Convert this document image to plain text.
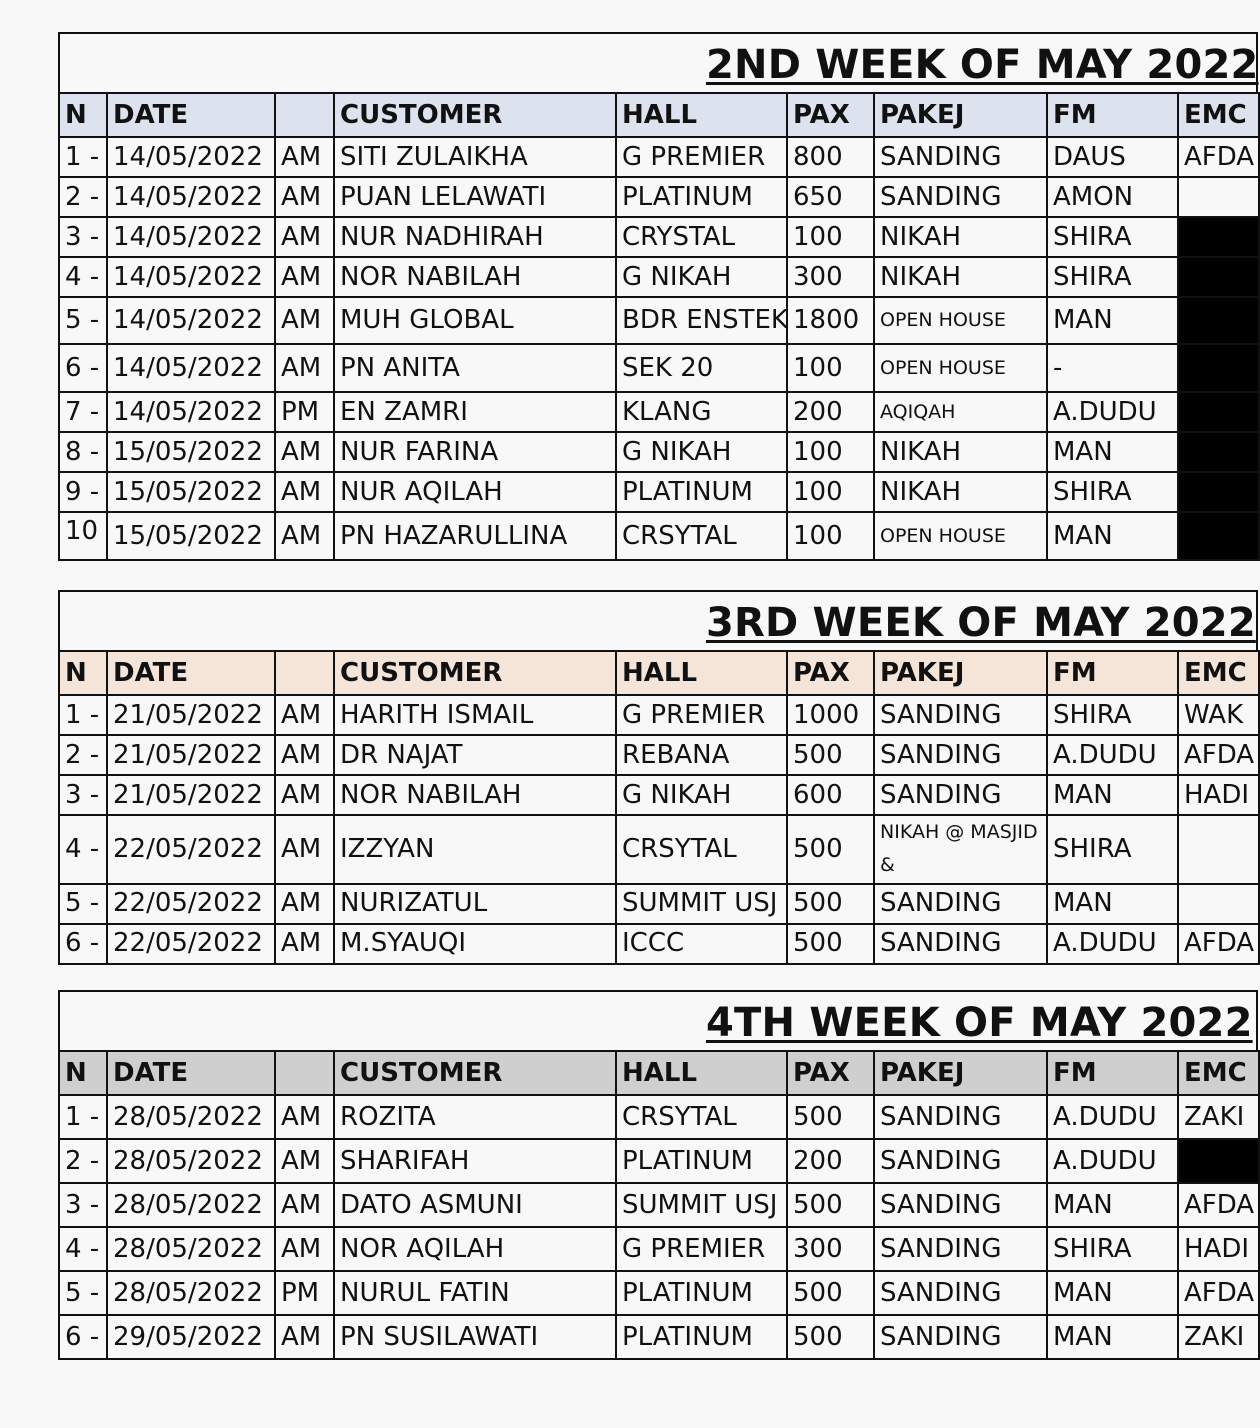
2ND WEEK OF MAY 2022
N	DATE		CUSTOMER	HALL	PAX	PAKEJ	FM	EMC
1 -	14/05/2022	AM	SITI ZULAIKHA	G PREMIER	800	SANDING	DAUS	AFDA
2 -	14/05/2022	AM	PUAN LELAWATI	PLATINUM	650	SANDING	AMON	
3 -	14/05/2022	AM	NUR NADHIRAH	CRYSTAL	100	NIKAH	SHIRA	
4 -	14/05/2022	AM	NOR NABILAH	G NIKAH	300	NIKAH	SHIRA	
5 -	14/05/2022	AM	MUH GLOBAL	BDR ENSTEK	1800	OPEN HOUSE	MAN	
6 -	14/05/2022	AM	PN ANITA	SEK 20	100	OPEN HOUSE	-	
7 -	14/05/2022	PM	EN ZAMRI	KLANG	200	AQIQAH	A.DUDU	
8 -	15/05/2022	AM	NUR FARINA	G NIKAH	100	NIKAH	MAN	
9 -	15/05/2022	AM	NUR AQILAH	PLATINUM	100	NIKAH	SHIRA	
10	15/05/2022	AM	PN HAZARULLINA	CRSYTAL	100	OPEN HOUSE	MAN	
3RD WEEK OF MAY 2022
N	DATE		CUSTOMER	HALL	PAX	PAKEJ	FM	EMC
1 -	21/05/2022	AM	HARITH ISMAIL	G PREMIER	1000	SANDING	SHIRA	WAK
2 -	21/05/2022	AM	DR NAJAT	REBANA	500	SANDING	A.DUDU	AFDA
3 -	21/05/2022	AM	NOR NABILAH	G NIKAH	600	SANDING	MAN	HADI
4 -	22/05/2022	AM	IZZYAN	CRSYTAL	500	NIKAH @ MASJID &	SHIRA	
5 -	22/05/2022	AM	NURIZATUL	SUMMIT USJ	500	SANDING	MAN	
6 -	22/05/2022	AM	M.SYAUQI	ICCC	500	SANDING	A.DUDU	AFDA
4TH WEEK OF MAY 2022
N	DATE		CUSTOMER	HALL	PAX	PAKEJ	FM	EMC
1 -	28/05/2022	AM	ROZITA	CRSYTAL	500	SANDING	A.DUDU	ZAKI
2 -	28/05/2022	AM	SHARIFAH	PLATINUM	200	SANDING	A.DUDU	
3 -	28/05/2022	AM	DATO ASMUNI	SUMMIT USJ	500	SANDING	MAN	AFDA
4 -	28/05/2022	AM	NOR AQILAH	G PREMIER	300	SANDING	SHIRA	HADI
5 -	28/05/2022	PM	NURUL FATIN	PLATINUM	500	SANDING	MAN	AFDA
6 -	29/05/2022	AM	PN SUSILAWATI	PLATINUM	500	SANDING	MAN	ZAKI
